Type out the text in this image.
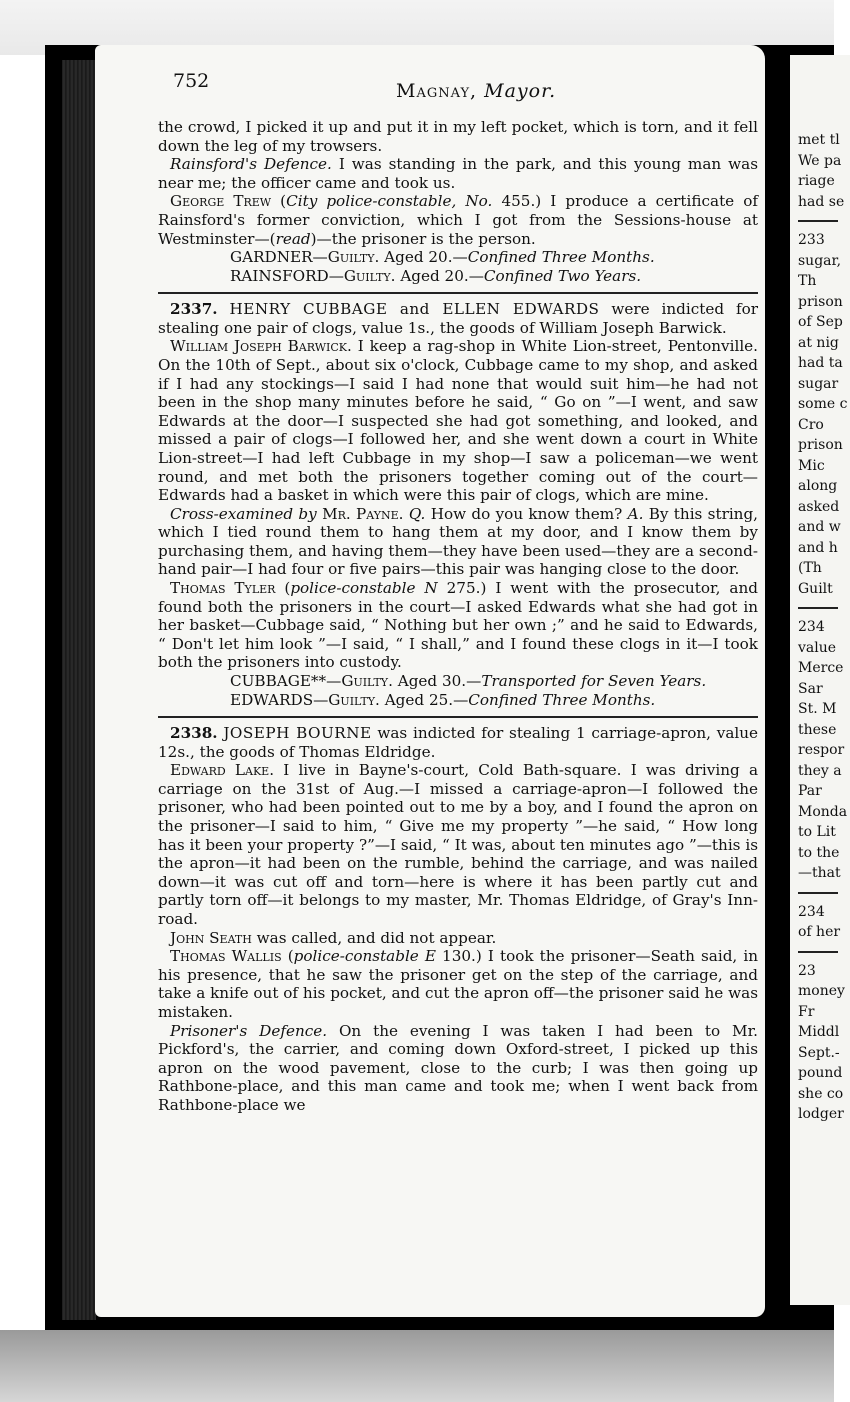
752	Magnay, Mayor.

the crowd, I picked it up and put it in my left pocket, which is torn, and it fell down the leg of my trowsers.

Rainsford's Defence. I was standing in the park, and this young man was near me; the officer came and took us.

George Trew (City police-constable, No. 455.) I produce a certificate of Rainsford's former conviction, which I got from the Sessions-house at Westminster—(read)—the prisoner is the person.

GARDNER—Guilty. Aged 20.—Confined Three Months.
RAINSFORD—Guilty. Aged 20.—Confined Two Years.

2337. HENRY CUBBAGE and ELLEN EDWARDS were indicted for stealing one pair of clogs, value 1s., the goods of William Joseph Barwick.

William Joseph Barwick. I keep a rag-shop in White Lion-street, Pentonville. On the 10th of Sept., about six o'clock, Cubbage came to my shop, and asked if I had any stockings—I said I had none that would suit him—he had not been in the shop many minutes before he said, “ Go on ”—I went, and saw Edwards at the door—I suspected she had got something, and looked, and missed a pair of clogs—I followed her, and she went down a court in White Lion-street—I had left Cubbage in my shop—I saw a policeman—we went round, and met both the prisoners together coming out of the court—Edwards had a basket in which were this pair of clogs, which are mine.

Cross-examined by Mr. Payne. Q. How do you know them? A. By this string, which I tied round them to hang them at my door, and I know them by purchasing them, and having them—they have been used—they are a second-hand pair—I had four or five pairs—this pair was hanging close to the door.

Thomas Tyler (police-constable N 275.) I went with the prosecutor, and found both the prisoners in the court—I asked Edwards what she had got in her basket—Cubbage said, “ Nothing but her own ;” and he said to Edwards, “ Don't let him look ”—I said, “ I shall,” and I found these clogs in it—I took both the prisoners into custody.

CUBBAGE**—Guilty. Aged 30.—Transported for Seven Years.
EDWARDS—Guilty. Aged 25.—Confined Three Months.

2338. JOSEPH BOURNE was indicted for stealing 1 carriage-apron, value 12s., the goods of Thomas Eldridge.

Edward Lake. I live in Bayne's-court, Cold Bath-square. I was driving a carriage on the 31st of Aug.—I missed a carriage-apron—I followed the prisoner, who had been pointed out to me by a boy, and I found the apron on the prisoner—I said to him, “ Give me my property ”—he said, “ How long has it been your property ?”—I said, “ It was, about ten minutes ago ”—this is the apron—it had been on the rumble, behind the carriage, and was nailed down—it was cut off and torn—here is where it has been partly cut and partly torn off—it belongs to my master, Mr. Thomas Eldridge, of Gray's Inn-road.

John Seath was called, and did not appear.

Thomas Wallis (police-constable E 130.) I took the prisoner—Seath said, in his presence, that he saw the prisoner get on the step of the carriage, and take a knife out of his pocket, and cut the apron off—the prisoner said he was mistaken.

Prisoner's Defence. On the evening I was taken I had been to Mr. Pickford's, the carrier, and coming down Oxford-street, I picked up this apron on the wood pavement, close to the curb; I was then going up Rathbone-place, and this man came and took me; when I went back from Rathbone-place we

met tl
We pa
riage
had se
233
sugar,
Th
prison
of Sep
at nig
had ta
sugar
some c
Cro
prison
Mic
along
asked
and w
and h
(Th
Guilt
234
value
Merce
Sar
St. M
these
respor
they a
Par
Monda
to Lit
to the
—that
234
of her
23
money
Fr
Middl
Sept.-
pound
she co
lodger
